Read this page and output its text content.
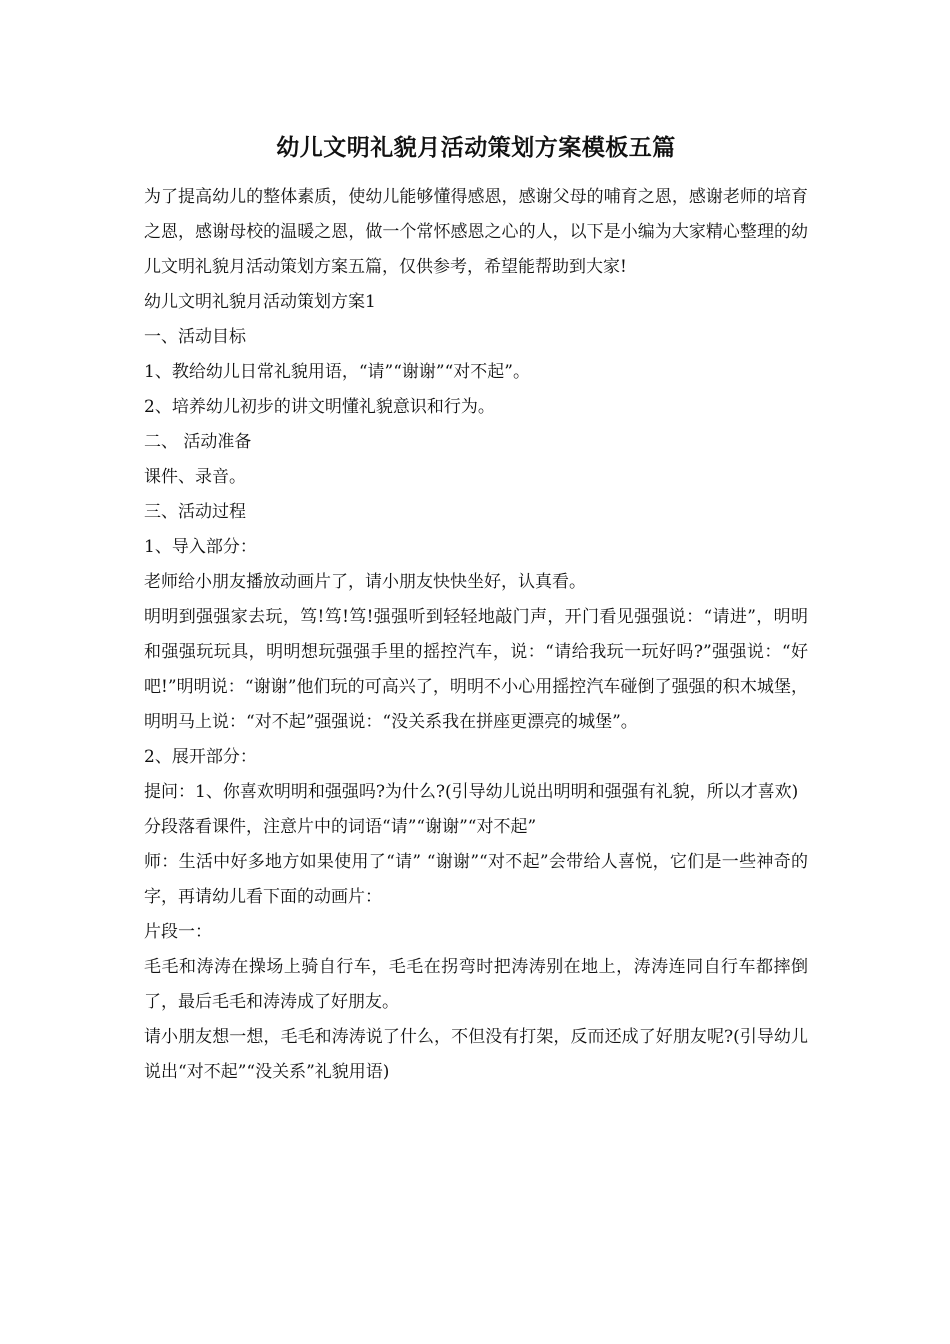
幼儿文明礼貌月活动策划方案模板五篇

为了提高幼儿的整体素质，使幼儿能够懂得感恩，感谢父母的哺育之恩，感谢老师的培育之恩，感谢母校的温暖之恩，做一个常怀感恩之心的人，以下是小编为大家精心整理的幼儿文明礼貌月活动策划方案五篇，仅供参考，希望能帮助到大家!

幼儿文明礼貌月活动策划方案1

一、活动目标

1、教给幼儿日常礼貌用语，“请”“谢谢”“对不起”。

2、培养幼儿初步的讲文明懂礼貌意识和行为。

二、 活动准备

课件、录音。

三、活动过程

1、导入部分：

老师给小朋友播放动画片了，请小朋友快快坐好，认真看。

明明到强强家去玩，笃!笃!笃!强强听到轻轻地敲门声，开门看见强强说：“请进”，明明和强强玩玩具，明明想玩强强手里的摇控汽车，说：“请给我玩一玩好吗?”强强说：“好吧!”明明说：“谢谢”他们玩的可高兴了，明明不小心用摇控汽车碰倒了强强的积木城堡，明明马上说：“对不起”强强说：“没关系我在拼座更漂亮的城堡”。

2、展开部分：

提问：1、你喜欢明明和强强吗?为什么?(引导幼儿说出明明和强强有礼貌，所以才喜欢)

分段落看课件，注意片中的词语“请”“谢谢”“对不起”

师：生活中好多地方如果使用了“请” “谢谢”“对不起”会带给人喜悦，它们是一些神奇的字，再请幼儿看下面的动画片：

片段一：

毛毛和涛涛在操场上骑自行车，毛毛在拐弯时把涛涛别在地上，涛涛连同自行车都摔倒了，最后毛毛和涛涛成了好朋友。

请小朋友想一想，毛毛和涛涛说了什么，不但没有打架，反而还成了好朋友呢?(引导幼儿说出“对不起”“没关系”礼貌用语)
